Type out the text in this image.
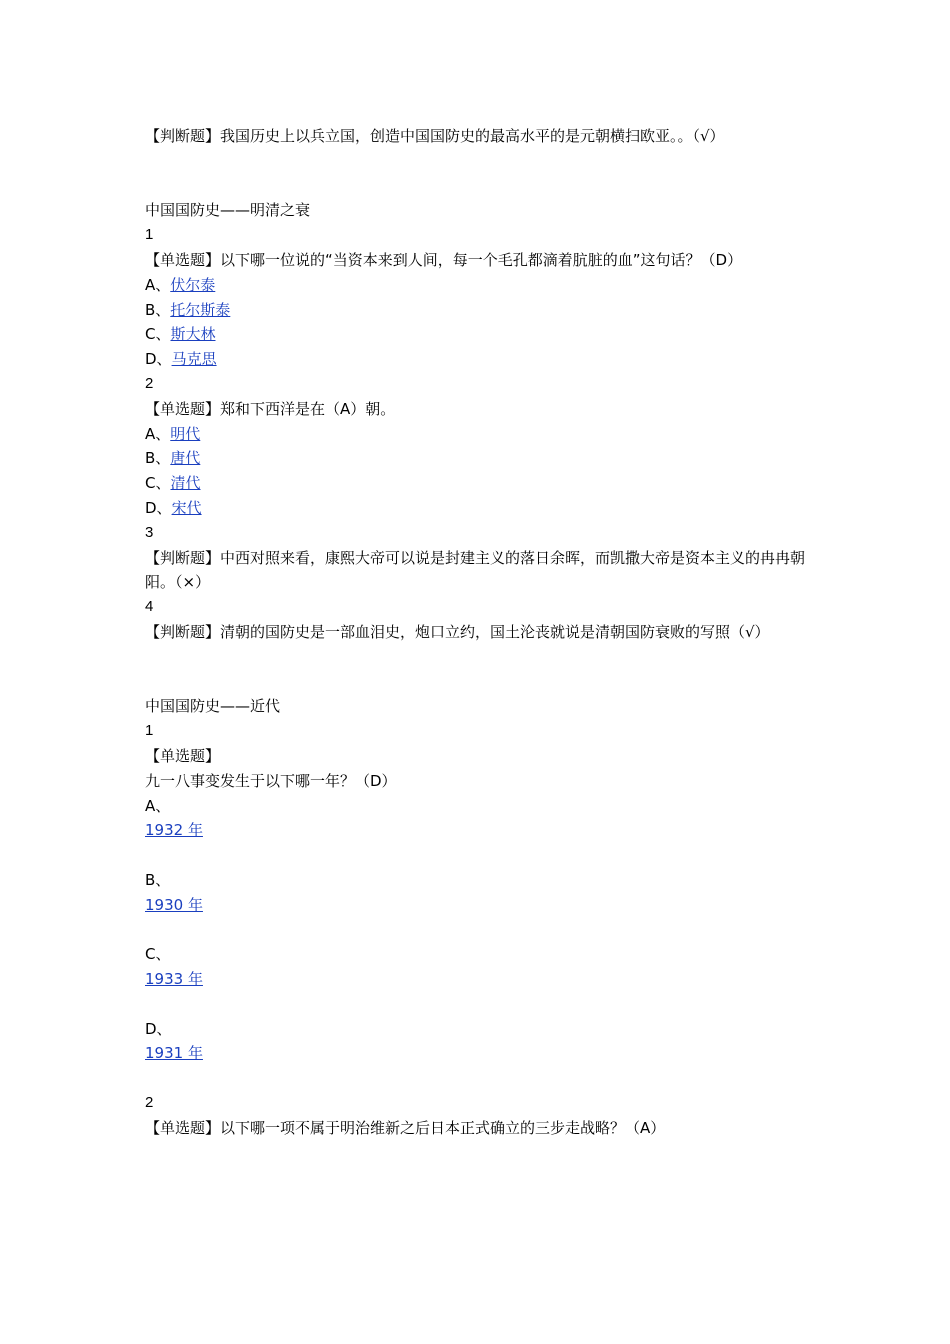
【判断题】我国历史上以兵立国，创造中国国防史的最高水平的是元朝横扫欧亚。。（√）
中国国防史——明清之衰
1
【单选题】以下哪一位说的“当资本来到人间，每一个毛孔都滴着肮脏的血”这句话？（D）
A、伏尔泰
B、托尔斯泰
C、斯大林
D、马克思
2
【单选题】郑和下西洋是在（A）朝。
A、明代
B、唐代
C、清代
D、宋代
3
【判断题】中西对照来看，康熙大帝可以说是封建主义的落日余晖，而凯撒大帝是资本主义的冉冉朝阳。（×）
4
【判断题】清朝的国防史是一部血泪史，炮口立约，国土沦丧就说是清朝国防衰败的写照（√）
中国国防史——近代
1
【单选题】
九一八事变发生于以下哪一年？（D）
A、
1932 年
B、
1930 年
C、
1933 年
D、
1931 年
2
【单选题】以下哪一项不属于明治维新之后日本正式确立的三步走战略？（A）
